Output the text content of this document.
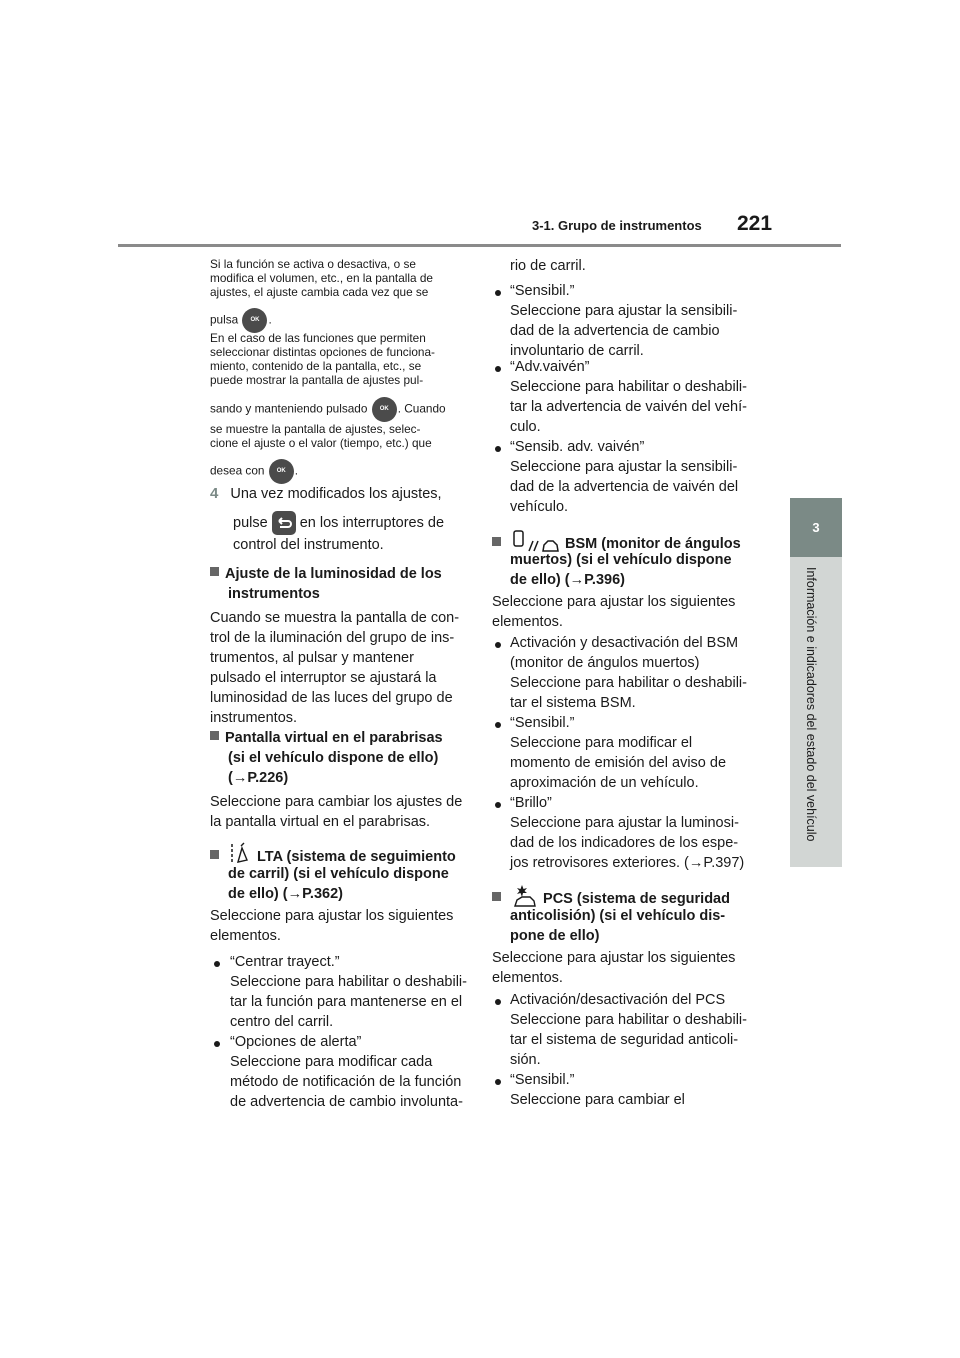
3-1. Grupo de instrumentos 221
3
Información e indicadores del estado del vehículo
Si la función se activa o desactiva, o se
modifica el volumen, etc., en la pantalla de
ajustes, el ajuste cambia cada vez que se
pulsa OK .
En el caso de las funciones que permiten
seleccionar distintas opciones de funciona-
miento, contenido de la pantalla, etc., se
puede mostrar la pantalla de ajustes pul-
sando y manteniendo pulsado OK . Cuando
se muestre la pantalla de ajustes, selec-
cione el ajuste o el valor (tiempo, etc.) que
desea con OK .
4 Una vez modificados los ajustes,
pulse en los interruptores de
control del instrumento.
Ajuste de la luminosidad de los
instrumentos
Cuando se muestra la pantalla de con-
trol de la iluminación del grupo de ins-
trumentos, al pulsar y mantener
pulsado el interruptor se ajustará la
luminosidad de las luces del grupo de
instrumentos.
Pantalla virtual en el parabrisas
(si el vehículo dispone de ello)
(→P.226)
Seleccione para cambiar los ajustes de
la pantalla virtual en el parabrisas.
LTA (sistema de seguimiento
de carril) (si el vehículo dispone
de ello) (→P.362)
Seleccione para ajustar los siguientes
elementos.
“Centrar trayect.”
Seleccione para habilitar o deshabili-
tar la función para mantenerse en el
centro del carril.
“Opciones de alerta”
Seleccione para modificar cada
método de notificación de la función
de advertencia de cambio involunta-
rio de carril.
“Sensibil.”
Seleccione para ajustar la sensibili-
dad de la advertencia de cambio
involuntario de carril.
“Adv.vaivén”
Seleccione para habilitar o deshabili-
tar la advertencia de vaivén del vehí-
culo.
“Sensib. adv. vaivén”
Seleccione para ajustar la sensibili-
dad de la advertencia de vaivén del
vehículo.
BSM (monitor de ángulos
muertos) (si el vehículo dispone
de ello) (→P.396)
Seleccione para ajustar los siguientes
elementos.
Activación y desactivación del BSM
(monitor de ángulos muertos)
Seleccione para habilitar o deshabili-
tar el sistema BSM.
“Sensibil.”
Seleccione para modificar el
momento de emisión del aviso de
aproximación de un vehículo.
“Brillo”
Seleccione para ajustar la luminosi-
dad de los indicadores de los espe-
jos retrovisores exteriores. (→P.397)
PCS (sistema de seguridad
anticolisión) (si el vehículo dis-
pone de ello)
Seleccione para ajustar los siguientes
elementos.
Activación/desactivación del PCS
Seleccione para habilitar o deshabili-
tar el sistema de seguridad anticoli-
sión.
“Sensibil.”
Seleccione para cambiar el
